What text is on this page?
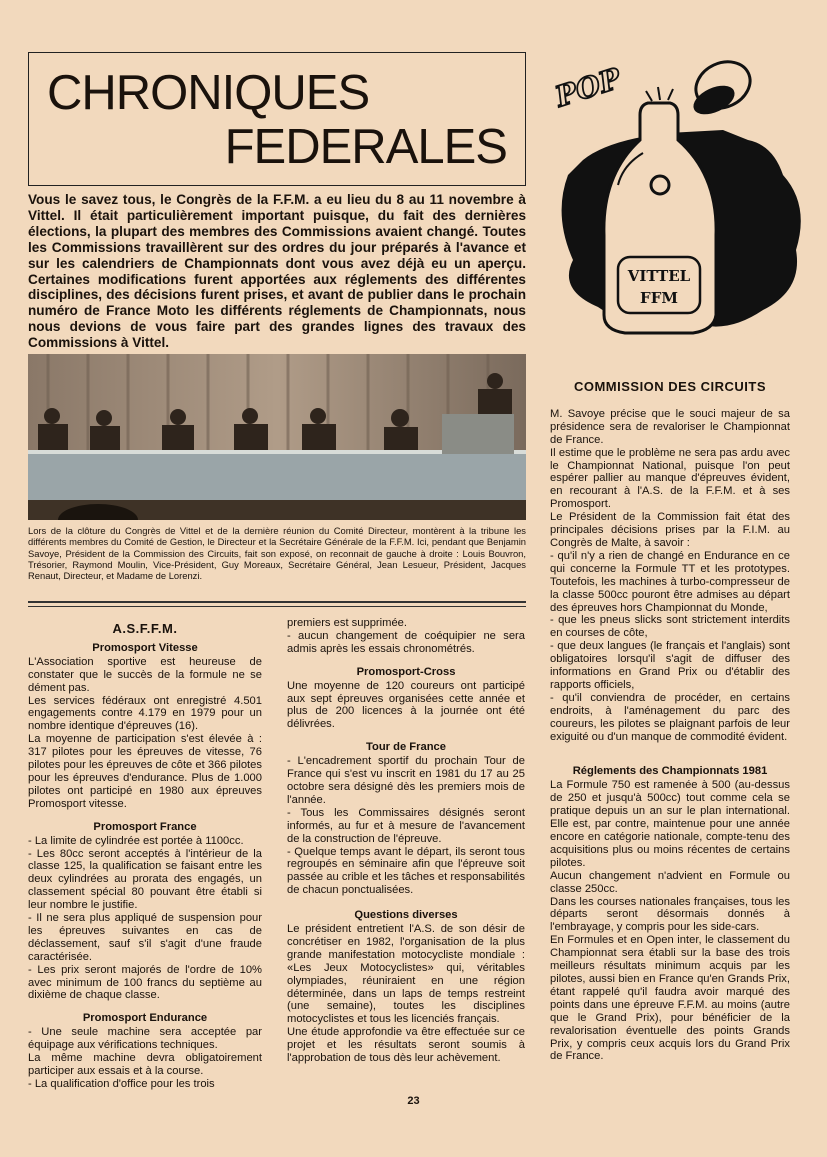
CHRONIQUES
FEDERALES

Vous le savez tous, le Congrès de la F.F.M. a eu lieu du 8 au 11 novembre à Vittel. Il était particulièrement important puisque, du fait des dernières élections, la plupart des membres des Commissions avaient changé. Toutes les Commissions travaillèrent sur des ordres du jour préparés à l'avance et sur les calendriers de Championnats dont vous avez déjà eu un aperçu. Certaines modifications furent apportées aux réglements des différentes disciplines, des décisions furent prises, et avant de publier dans le prochain numéro de France Moto les différents réglements de Championnats, nous nous devions de vous faire part des grandes lignes des travaux des Commissions à Vittel.

VITTEL
FFM
POP
DUVANT
Lors de la clôture du Congrès de Vittel et de la dernière réunion du Comité Directeur, montèrent à la tribune les différents membres du Comité de Gestion, le Directeur et la Secrétaire Générale de la F.F.M. Ici, pendant que Benjamin Savoye, Président de la Commission des Circuits, fait son exposé, on reconnait de gauche à droite : Louis Bouvron, Trésorier, Raymond Moulin, Vice-Président, Guy Moreaux, Secrétaire Général, Jean Lesueur, Président, Jacques Renaut, Directeur, et Madame de Lorenzi.
A.S.F.F.M.
Promosport Vitesse

L'Association sportive est heureuse de constater que le succès de la formule ne se dément pas.

Les services fédéraux ont enregistré 4.501 engagements contre 4.179 en 1979 pour un nombre identique d'épreuves (16).

La moyenne de participation s'est élevée à : 317 pilotes pour les épreuves de vitesse, 76 pilotes pour les épreuves de côte et 366 pilotes pour les épreuves d'endurance. Plus de 1.000 pilotes ont participé en 1980 aux épreuves Promosport vitesse.

Promosport France

- La limite de cylindrée est portée à 1100cc.

- Les 80cc seront acceptés à l'intérieur de la classe 125, la qualification se faisant entre les deux cylindrées au prorata des engagés, un classement spécial 80 pouvant être établi si leur nombre le justifie.

- Il ne sera plus appliqué de suspension pour les épreuves suivantes en cas de déclassement, sauf s'il s'agit d'une fraude caractérisée.

- Les prix seront majorés de l'ordre de 10% avec minimum de 100 francs du septième au dixième de chaque classe.

Promosport Endurance

- Une seule machine sera acceptée par équipage aux vérifications techniques.

La même machine devra obligatoirement participer aux essais et à la course.

- La qualification d'office pour les trois

premiers est supprimée.

- aucun changement de coéquipier ne sera admis après les essais chronométrés.

Promosport-Cross

Une moyenne de 120 coureurs ont participé aux sept épreuves organisées cette année et plus de 200 licences à la journée ont été délivrées.

Tour de France

- L'encadrement sportif du prochain Tour de France qui s'est vu inscrit en 1981 du 17 au 25 octobre sera désigné dès les premiers mois de l'année.

- Tous les Commissaires désignés seront informés, au fur et à mesure de l'avancement de la construction de l'épreuve.

- Quelque temps avant le départ, ils seront tous regroupés en séminaire afin que l'épreuve soit passée au crible et les tâches et responsabilités de chacun ponctualisées.

Questions diverses

Le président entretient l'A.S. de son désir de concrétiser en 1982, l'organisation de la plus grande manifestation motocycliste mondiale : «Les Jeux Motocyclistes» qui, véritables olympiades, réuniraient en une région déterminée, dans un laps de temps restreint (une semaine), toutes les disciplines motocyclistes et tous les licenciés français.

Une étude approfondie va être effectuée sur ce projet et les résultats seront soumis à l'approbation de tous dès leur achèvement.

COMMISSION DES CIRCUITS

M. Savoye précise que le souci majeur de sa présidence sera de revaloriser le Championnat de France.

Il estime que le problème ne sera pas ardu avec le Championnat National, puisque l'on peut espérer pallier au manque d'épreuves évident, en recourant à l'A.S. de la F.F.M. et à ses Promosport.

Le Président de la Commission fait état des principales décisions prises par la F.I.M. au Congrès de Malte, à savoir :

- qu'il n'y a rien de changé en Endurance en ce qui concerne la Formule TT et les prototypes. Toutefois, les machines à turbo-compresseur de la classe 500cc pouront être admises au départ des épreuves hors Championnat du Monde,

- que les pneus slicks sont strictement interdits en courses de côte,

- que deux langues (le français et l'anglais) sont obligatoires lorsqu'il s'agit de diffuser des informations en Grand Prix ou d'établir des rapports officiels,

- qu'il conviendra de procéder, en certains endroits, à l'aménagement du parc des coureurs, les pilotes se plaignant parfois de leur exiguité ou d'un manque de commodité évident.

Réglements des Championnats 1981

La Formule 750 est ramenée à 500 (au-dessus de 250 et jusqu'à 500cc) tout comme cela se pratique depuis un an sur le plan international. Elle est, par contre, maintenue pour une année encore en catégorie nationale, compte-tenu des acquisitions plus ou moins récentes de certains pilotes.

Aucun changement n'advient en Formule ou classe 250cc.

Dans les courses nationales françaises, tous les départs seront désormais donnés à l'embrayage, y compris pour les side-cars.

En Formules et en Open inter, le classement du Championnat sera établi sur la base des trois meilleurs résultats minimum acquis par les pilotes, aussi bien en France qu'en Grands Prix, étant rappelé qu'il faudra avoir marqué des points dans une épreuve F.F.M. au moins (autre que le Grand Prix), pour bénéficier de la revalorisation éventuelle des points Grands Prix, y compris ceux acquis lors du Grand Prix de France.

23
